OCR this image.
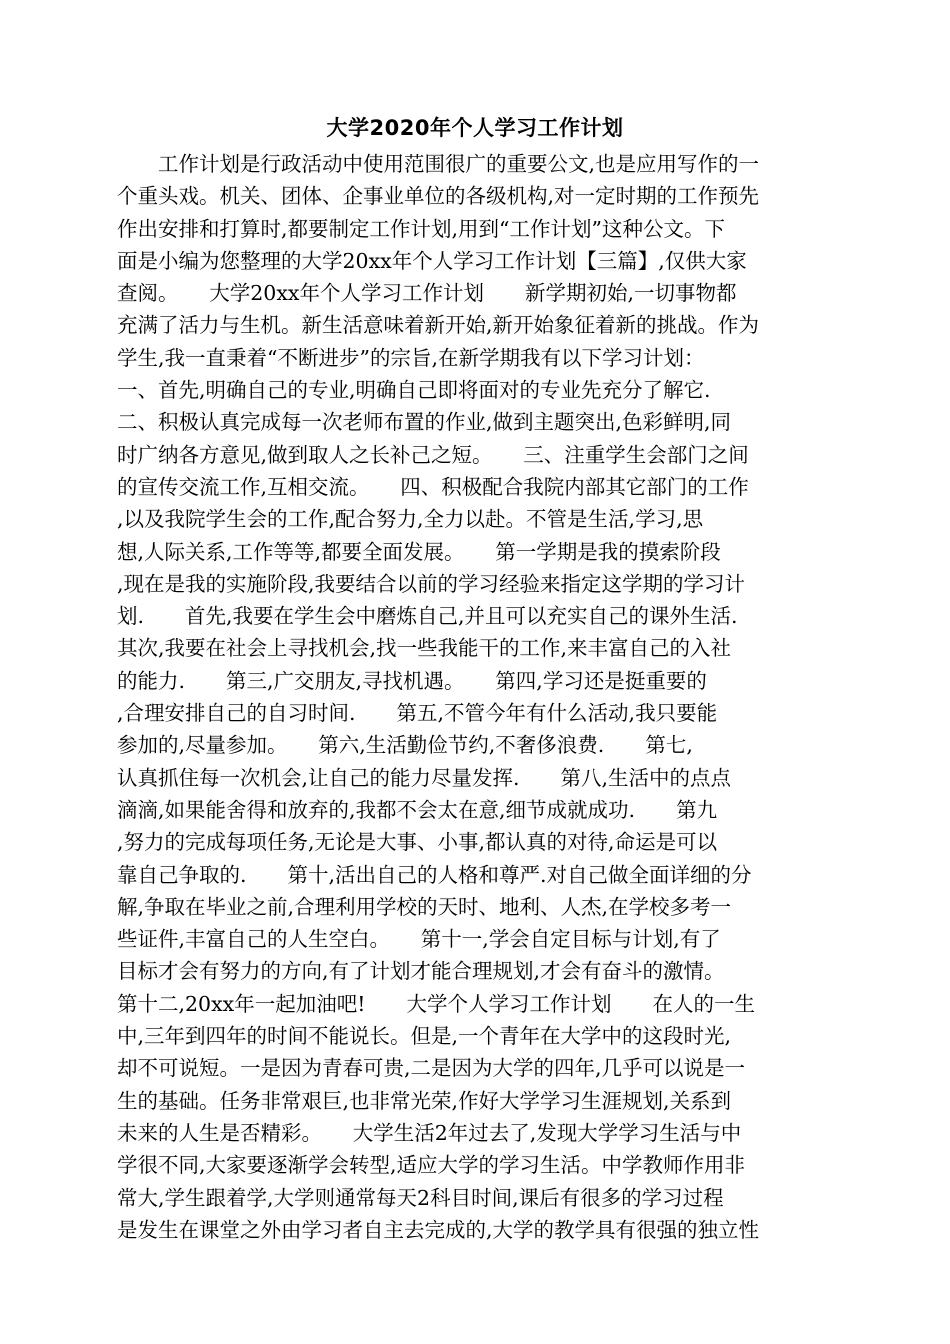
大学2020年个人学习工作计划
　　工作计划是行政活动中使用范围很广的重要公文,也是应用写作的一
个重头戏。机关、团体、企事业单位的各级机构,对一定时期的工作预先
作出安排和打算时,都要制定工作计划,用到“工作计划”这种公文。下
面是小编为您整理的大学20xx年个人学习工作计划【三篇】,仅供大家
查阅。　　大学20xx年个人学习工作计划　　新学期初始,一切事物都
充满了活力与生机。新生活意味着新开始,新开始象征着新的挑战。作为
学生,我一直秉着“不断进步”的宗旨,在新学期我有以下学习计划：
一、首先,明确自己的专业,明确自己即将面对的专业先充分了解它.
二、积极认真完成每一次老师布置的作业,做到主题突出,色彩鲜明,同
时广纳各方意见,做到取人之长补己之短。　　三、注重学生会部门之间
的宣传交流工作,互相交流。　　四、积极配合我院内部其它部门的工作
,以及我院学生会的工作,配合努力,全力以赴。不管是生活,学习,思
想,人际关系,工作等等,都要全面发展。　　第一学期是我的摸索阶段
,现在是我的实施阶段,我要结合以前的学习经验来指定这学期的学习计
划.　　首先,我要在学生会中磨炼自己,并且可以充实自己的课外生活.
其次,我要在社会上寻找机会,找一些我能干的工作,来丰富自己的入社
的能力.　　第三,广交朋友,寻找机遇。　　第四,学习还是挺重要的
,合理安排自己的自习时间.　　第五,不管今年有什么活动,我只要能
参加的,尽量参加。　　第六,生活勤俭节约,不奢侈浪费.　　第七,
认真抓住每一次机会,让自己的能力尽量发挥.　　第八,生活中的点点
滴滴,如果能舍得和放弃的,我都不会太在意,细节成就成功.　　第九
,努力的完成每项任务,无论是大事、小事,都认真的对待,命运是可以
靠自己争取的.　　第十,活出自己的人格和尊严.对自己做全面详细的分
解,争取在毕业之前,合理利用学校的天时、地利、人杰,在学校多考一
些证件,丰富自己的人生空白。　　第十一,学会自定目标与计划,有了
目标才会有努力的方向,有了计划才能合理规划,才会有奋斗的激情。
第十二,20xx年一起加油吧!　　大学个人学习工作计划　　在人的一生
中,三年到四年的时间不能说长。但是,一个青年在大学中的这段时光,
却不可说短。一是因为青春可贵,二是因为大学的四年,几乎可以说是一
生的基础。任务非常艰巨,也非常光荣,作好大学学习生涯规划,关系到
未来的人生是否精彩。　　大学生活2年过去了,发现大学学习生活与中
学很不同,大家要逐渐学会转型,适应大学的学习生活。中学教师作用非
常大,学生跟着学,大学则通常每天2科目时间,课后有很多的学习过程
是发生在课堂之外由学习者自主去完成的,大学的教学具有很强的独立性
